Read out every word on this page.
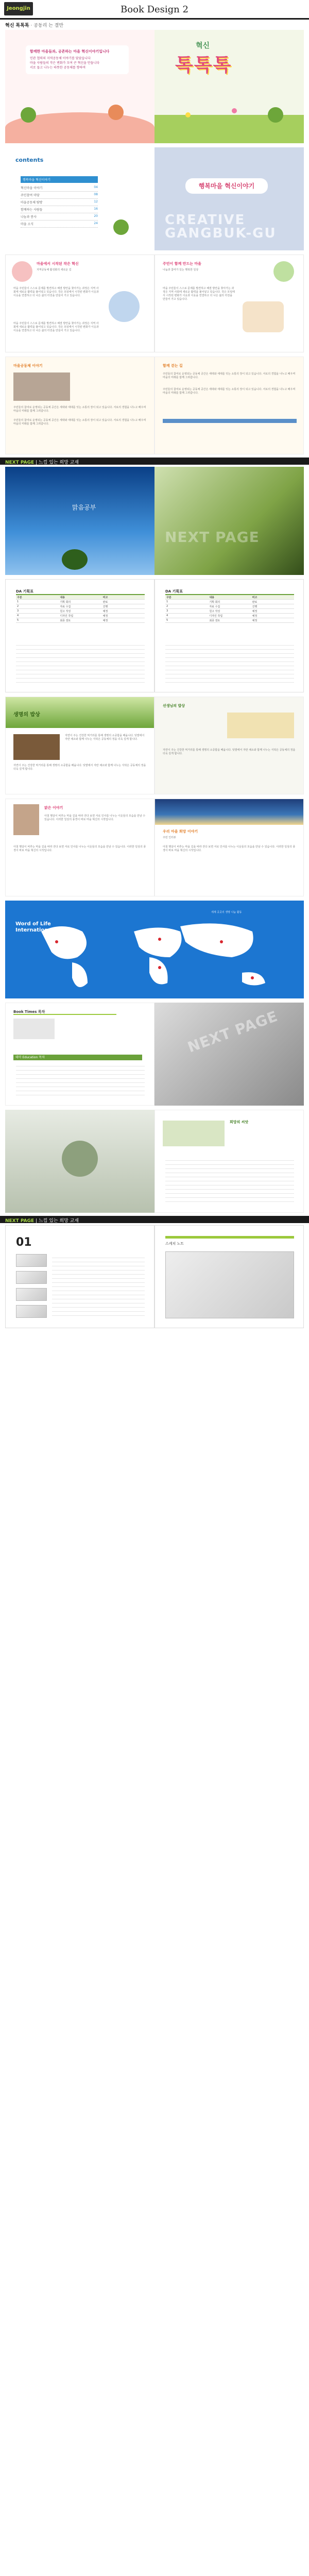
Jeongjin	Book Design 2
혁신 톡톡톡 · 공동리 는 결만
함께한 마을들과, 공존하는 마을 혁신이야기입니다
민관 협력의 지역공동체 이야기를 담았습니다
마을 사람들의 작은 변화가 모여 큰 혁신을 만듭니다
서로 돕고 나누는 따뜻한 공동체를 향하여
혁신
톡톡톡
contents
행복마을 혁신이야기
혁신마을 이야기	04
주민참여 마당	08
마을공동체 탐방	12
함께하는 사람들	16
나눔과 봉사	20
마을 소식	24
행복마을 혁신이야기
CREATIVE
GANGBUK-GU
마을에서 시작된 작은 혁신
지역공동체 활성화의 새로운 길
마을 주민들이 스스로 문제를 발견하고 해결 방안을 찾아가는 과정은 지역 사회에 새로운 활력을 불어넣고 있습니다. 작은 모임에서 시작된 변화가 이웃과 이웃을 연결하고 더 나은 삶의 터전을 만들어 가고 있습니다.
마을 주민들이 스스로 문제를 발견하고 해결 방안을 찾아가는 과정은 지역 사회에 새로운 활력을 불어넣고 있습니다. 작은 모임에서 시작된 변화가 이웃과 이웃을 연결하고 더 나은 삶의 터전을 만들어 가고 있습니다.
주민이 함께 만드는 마을
나눔과 참여가 있는 행복한 일상
마을 주민들이 스스로 문제를 발견하고 해결 방안을 찾아가는 과정은 지역 사회에 새로운 활력을 불어넣고 있습니다. 작은 모임에서 시작된 변화가 이웃과 이웃을 연결하고 더 나은 삶의 터전을 만들어 가고 있습니다.
마을공동체 이야기
주민들의 참여로 운영되는 공동체 공간은 세대와 세대를 잇는 소통의 장이 되고 있습니다. 서로의 경험을 나누고 배우며 마을의 미래를 함께 그려갑니다.
주민들의 참여로 운영되는 공동체 공간은 세대와 세대를 잇는 소통의 장이 되고 있습니다. 서로의 경험을 나누고 배우며 마을의 미래를 함께 그려갑니다.
함께 걷는 길
주민들의 참여로 운영되는 공동체 공간은 세대와 세대를 잇는 소통의 장이 되고 있습니다. 서로의 경험을 나누고 배우며 마을의 미래를 함께 그려갑니다.
주민들의 참여로 운영되는 공동체 공간은 세대와 세대를 잇는 소통의 장이 되고 있습니다. 서로의 경험을 나누고 배우며 마을의 미래를 함께 그려갑니다.
NEXT PAGE | 느낌 있는 희망 교재
맑음공부
NEXT PAGE
DA 기획표
구분	내용	비고
1	기획 회의	완료
2	자료 수집	진행
3	원고 작성	예정
4	디자인 작업	예정
5	최종 검토	예정
DA 기획표
구분	내용	비고
1	기획 회의	완료
2	자료 수집	진행
3	원고 작성	예정
4	디자인 작업	예정
5	최종 검토	예정
생명의 밥상
자연이 주는 건강한 먹거리를 통해 생명의 소중함을 배웁니다. 텃밭에서 자란 채소와 함께 나누는 식탁은 공동체의 정을 더욱 깊게 합니다.
자연이 주는 건강한 먹거리를 통해 생명의 소중함을 배웁니다. 텃밭에서 자란 채소와 함께 나누는 식탁은 공동체의 정을 더욱 깊게 합니다.
선생님의 밥상
자연이 주는 건강한 먹거리를 통해 생명의 소중함을 배웁니다. 텃밭에서 자란 채소와 함께 나누는 식탁은 공동체의 정을 더욱 깊게 합니다.
맑은 이야기
아침 햇살이 비추는 마을 길을 따라 걷다 보면 서로 인사를 나누는 이웃들의 모습을 만날 수 있습니다. 이러한 일상의 풍경이 바로 마을 혁신의 시작입니다.
아침 햇살이 비추는 마을 길을 따라 걷다 보면 서로 인사를 나누는 이웃들의 모습을 만날 수 있습니다. 이러한 일상의 풍경이 바로 마을 혁신의 시작입니다.
우리 마을 희망 이야기
주민 인터뷰
아침 햇살이 비추는 마을 길을 따라 걷다 보면 서로 인사를 나누는 이웃들의 모습을 만날 수 있습니다. 이러한 일상의 풍경이 바로 마을 혁신의 시작입니다.
Word of Life
International Map
세계 곳곳의 생명 나눔 활동
Book Times 목차
테마 Education 목차
NEXT PAGE
희망의 씨앗
NEXT PAGE | 느낌 있는 희망 교재
01	스케치 노트
